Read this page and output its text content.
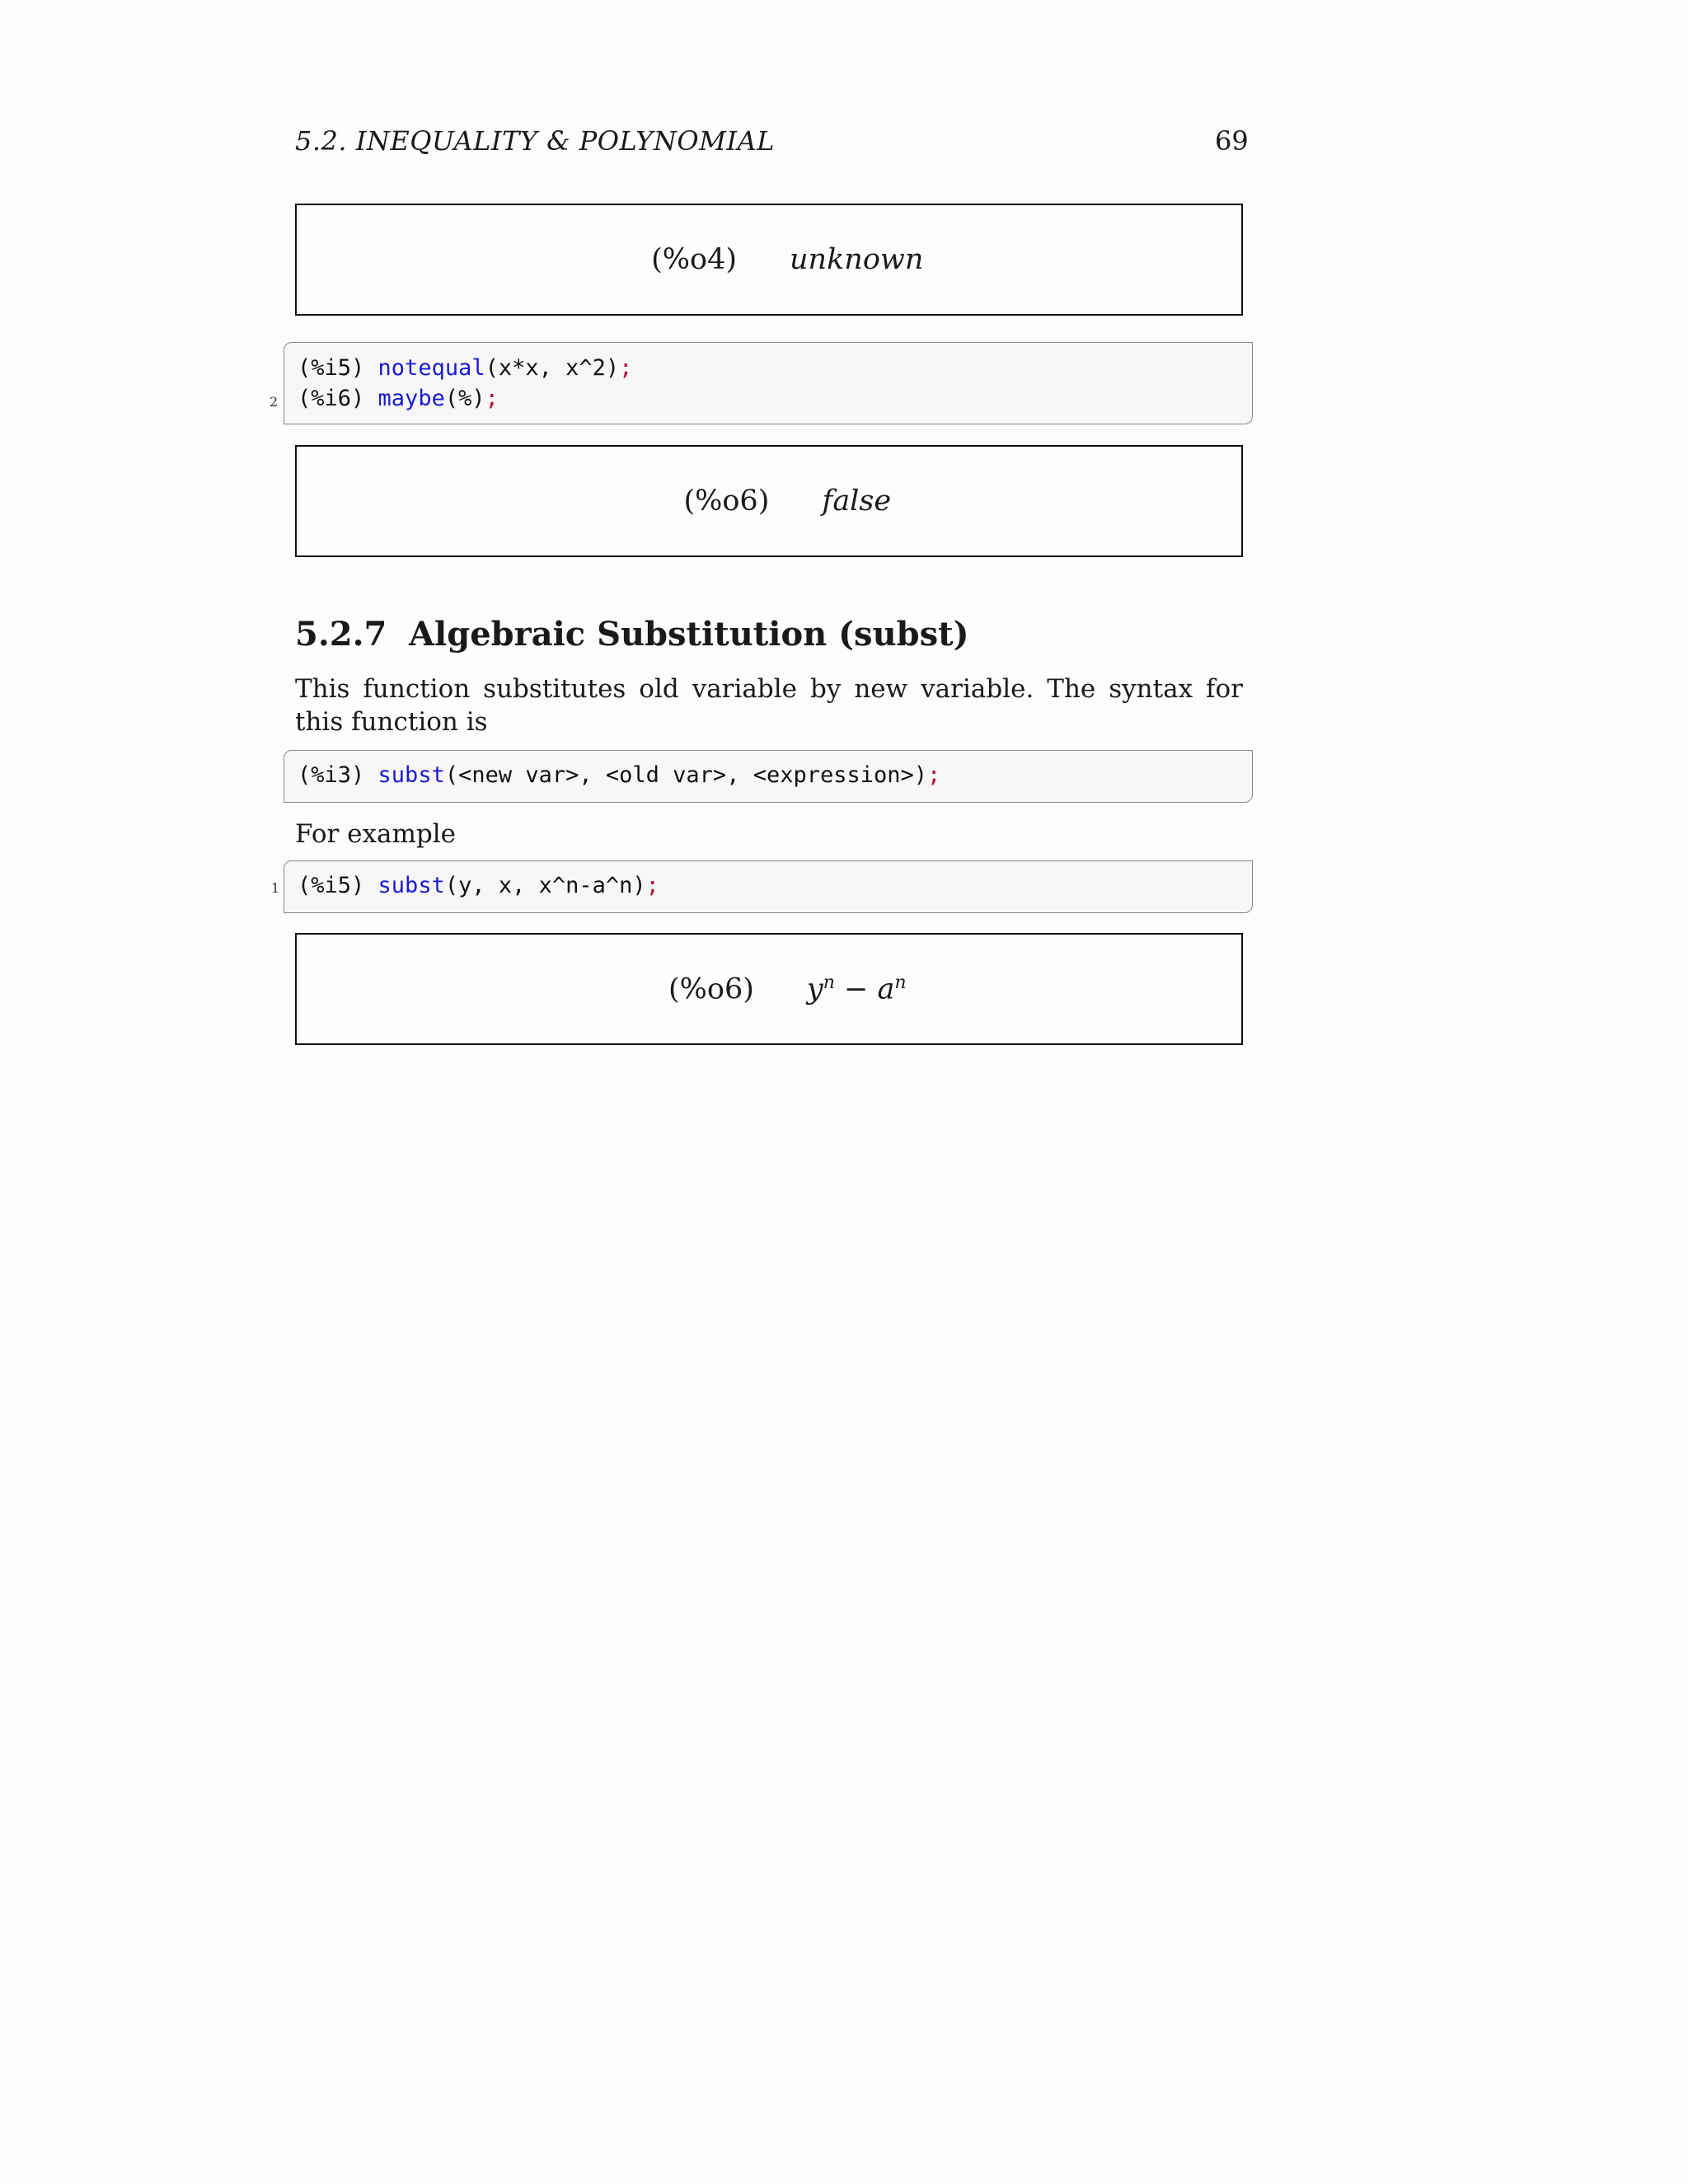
5.2. INEQUALITY & POLYNOMIAL	69

(%o4) unknown

(%i5) notequal(x*x, x^2);
(%i6) maybe(%);
2

(%o6) false

5.2.7 Algebraic Substitution (subst)
This function substitutes old variable by new variable. The syntax for this function is
(%i3) subst(<new var>, <old var>, <expression>);
For example
(%i5) subst(y, x, x^n-a^n);
1

(%o6) $y^n - a^n$
